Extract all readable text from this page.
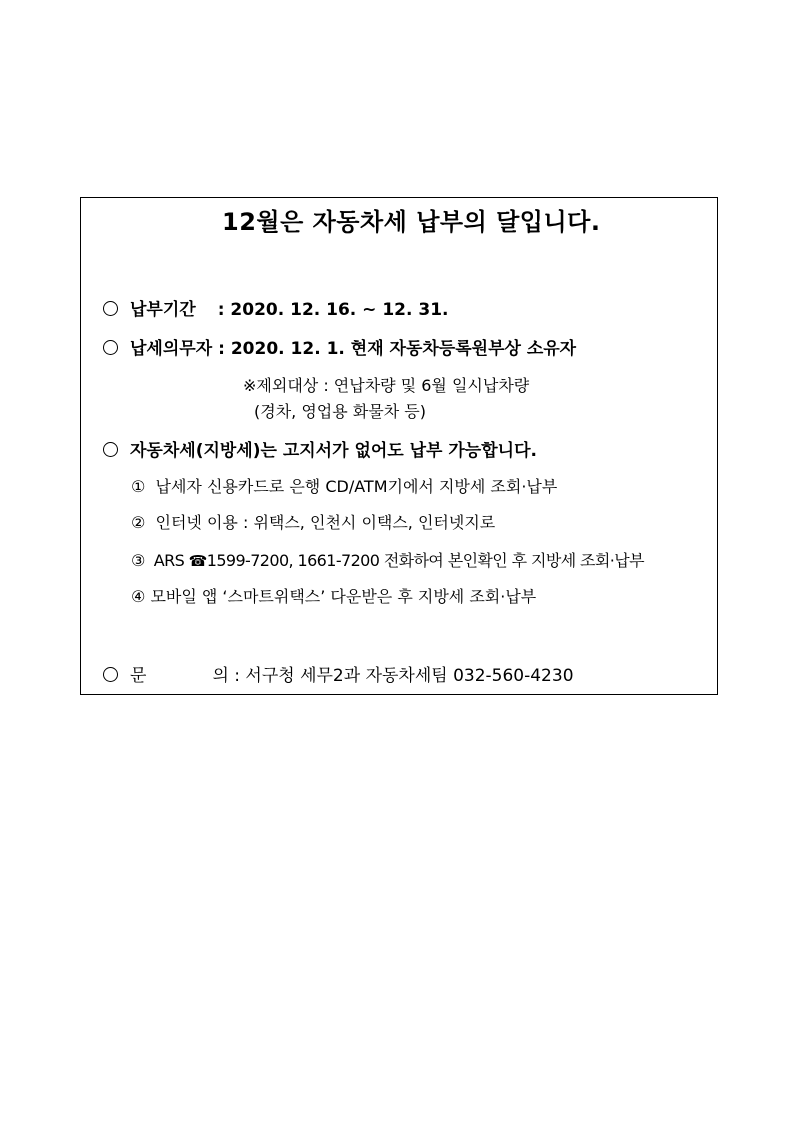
12월은 자동차세 납부의 달입니다.
납부기간 : 2020. 12. 16. ~ 12. 31.
납세의무자 : 2020. 12. 1. 현재 자동차등록원부상 소유자
※제외대상 : 연납차량 및 6월 일시납차량
(경차, 영업용 화물차 등)
자동차세(지방세)는 고지서가 없어도 납부 가능합니다.
① 납세자 신용카드로 은행 CD/ATM기에서 지방세 조회·납부
② 인터넷 이용 : 위택스, 인천시 이택스, 인터넷지로
③ ARS ☎1599-7200, 1661-7200 전화하여 본인확인 후 지방세 조회·납부
④ 모바일 앱 ‘스마트위택스’ 다운받은 후 지방세 조회·납부
문	의 : 서구청 세무2과 자동차세팀 032-560-4230
